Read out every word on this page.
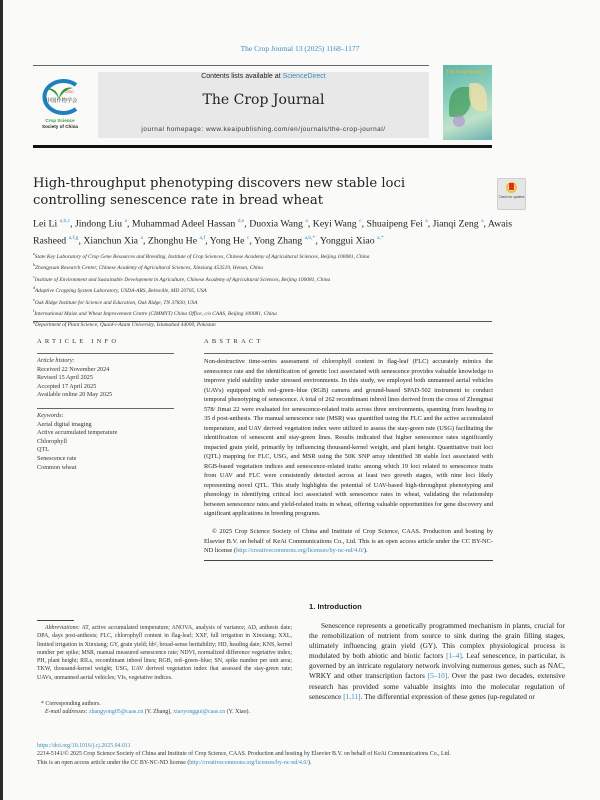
The Crop Journal 13 (2025) 1168–1177
CSSC
中国作物学会
Crop Science
Society of China
Contents lists available at ScienceDirect
The Crop Journal
journal homepage: www.keaipublishing.com/en/journals/the-crop-journal/
The Crop Journal
High-throughput phenotyping discovers new stable loci controlling senescence rate in bread wheat	Check for updates
Lei Li $^{a,b,c}$, Jindong Liu $^a$, Muhammad Adeel Hassan $^{d,e}$, Duoxia Wang $^a$, Keyi Wang $^c$, Shuaipeng Fei $^a$, Jianqi Zeng $^a$, Awais Rasheed $^{a,f,g}$, Xianchun Xia $^a$, Zhonghu He $^{a,f}$, Yong He $^c$, Yong Zhang $^{a,b,*}$, Yonggui Xiao $^{a,*}$
$^a$State Key Laboratory of Crop Gene Resources and Breeding, Institute of Crop Sciences, Chinese Academy of Agricultural Sciences, Beijing 100081, China
$^b$Zhongyuan Research Center, Chinese Academy of Agricultural Sciences, Xinxiang 453519, Henan, China
$^c$Institute of Environment and Sustainable Development in Agriculture, Chinese Academy of Agricultural Sciences, Beijing 100081, China
$^d$Adaptive Cropping System Laboratory, USDA-ARS, Beltsville, MD 20705, USA
$^e$Oak Ridge Institute for Science and Education, Oak Ridge, TN 37830, USA
$^f$International Maize and Wheat Improvement Centre (CIMMYT) China Office, c/o CAAS, Beijing 100081, China
Department of Plant Science, Quaid-i-Azam University, Islamabad 44000, Pakistan
ARTICLE INFO	ABSTRACT
Article history:
Received 22 November 2024
Revised 15 April 2025
Accepted 17 April 2025
Available online 20 May 2025
Keywords:
Aerial digital imaging
Active accumulated temperature
Chlorophyll
QTL
Senescence rate
Common wheat
Non-destructive time-series assessment of chlorophyll content in flag-leaf (FLC) accurately mimics the senescence rate and the identification of genetic loci associated with senescence provides valuable knowledge to improve yield stability under stressed environments. In this study, we employed both unmanned aerial vehicles (UAVs) equipped with red–green–blue (RGB) camera and ground-based SPAD-502 instrument to conduct temporal phenotyping of senescence. A total of 262 recombinant inbred lines derived from the cross of Zhongmai 578/ Jimai 22 were evaluated for senescence-related traits across three environments, spanning from heading to 35 d post-anthesis. The manual senescence rate (MSR) was quantified using the FLC and the active accumulated temperature, and UAV derived vegetation index were utilized to assess the stay-green rate (USG) facilitating the identification of senescent and stay-green lines. Results indicated that higher senescence rates significantly impacted grain yield, primarily by influencing thousand-kernel weight, and plant height. Quantitative trait loci (QTL) mapping for FLC, USG, and MSR using the 50K SNP array identified 38 stable loci associated with RGB-based vegetation indices and senescence-related traits: among which 19 loci related to senescence traits from UAV and FLC were consistently detected across at least two growth stages, with nine loci likely representing novel QTL. This study highlights the potential of UAV-based high-throughput phenotyping and phenology in identifying critical loci associated with senescence rates in wheat, validating the relationship between senescence rates and yield-related traits in wheat, offering valuable opportunities for gene discovery and significant applications in breeding programs.
© 2025 Crop Science Society of China and Institute of Crop Science, CAAS. Production and hosting by Elsevier B.V. on behalf of KeAi Communications Co., Ltd. This is an open access article under the CC BY-NC-ND license (http://creativecommons.org/licenses/by-nc-nd/4.0/).
Abbreviations: AT, active accumulated temperature; ANOVA, analysis of variance; AD, anthesis date; DPA, days post-anthesis; FLC, chlorophyll content in flag-leaf; XXF, full irrigation in Xinxiang; XXL, limited irrigation in Xinxiang; GY, grain yield; hb², broad-sense heritability; HD, heading date; KNS, kernel number per spike; MSR, manual measured senescence rate; NDVI, normalized difference vegetative index; PH, plant height; RILs, recombinant inbred lines; RGB, red–green–blue; SN, spike number per unit area; TKW, thousand-kernel weight; USG, UAV derived vegetation index that assessed the stay-green rate; UAVs, unmanned aerial vehicles; VIs, vegetative indices.
* Corresponding authors.
E-mail addresses: zhangyong05@caas.cn (Y. Zhang), xiaoyonggui@caas.cn (Y. Xiao).
https://doi.org/10.1016/j.cj.2025.04.011
2214-5141/© 2025 Crop Science Society of China and Institute of Crop Science, CAAS. Production and hosting by Elsevier B.V. on behalf of KeAi Communications Co., Ltd.
This is an open access article under the CC BY-NC-ND license (http://creativecommons.org/licenses/by-nc-nd/4.0/).
1. Introduction
Senescence represents a genetically programmed mechanism in plants, crucial for the remobilization of nutrient from source to sink during the grain filling stages, ultimately influencing grain yield (GY). This complex physiological process is modulated by both abiotic and biotic factors [1–4]. Leaf senescence, in particular, is governed by an intricate regulatory network involving numerous genes, such as NAC, WRKY and other transcription factors [5–10]. Over the past two decades, extensive research has provided some valuable insights into the molecular regulation of senescence [1,11]. The differential expression of these genes (up-regulated or
